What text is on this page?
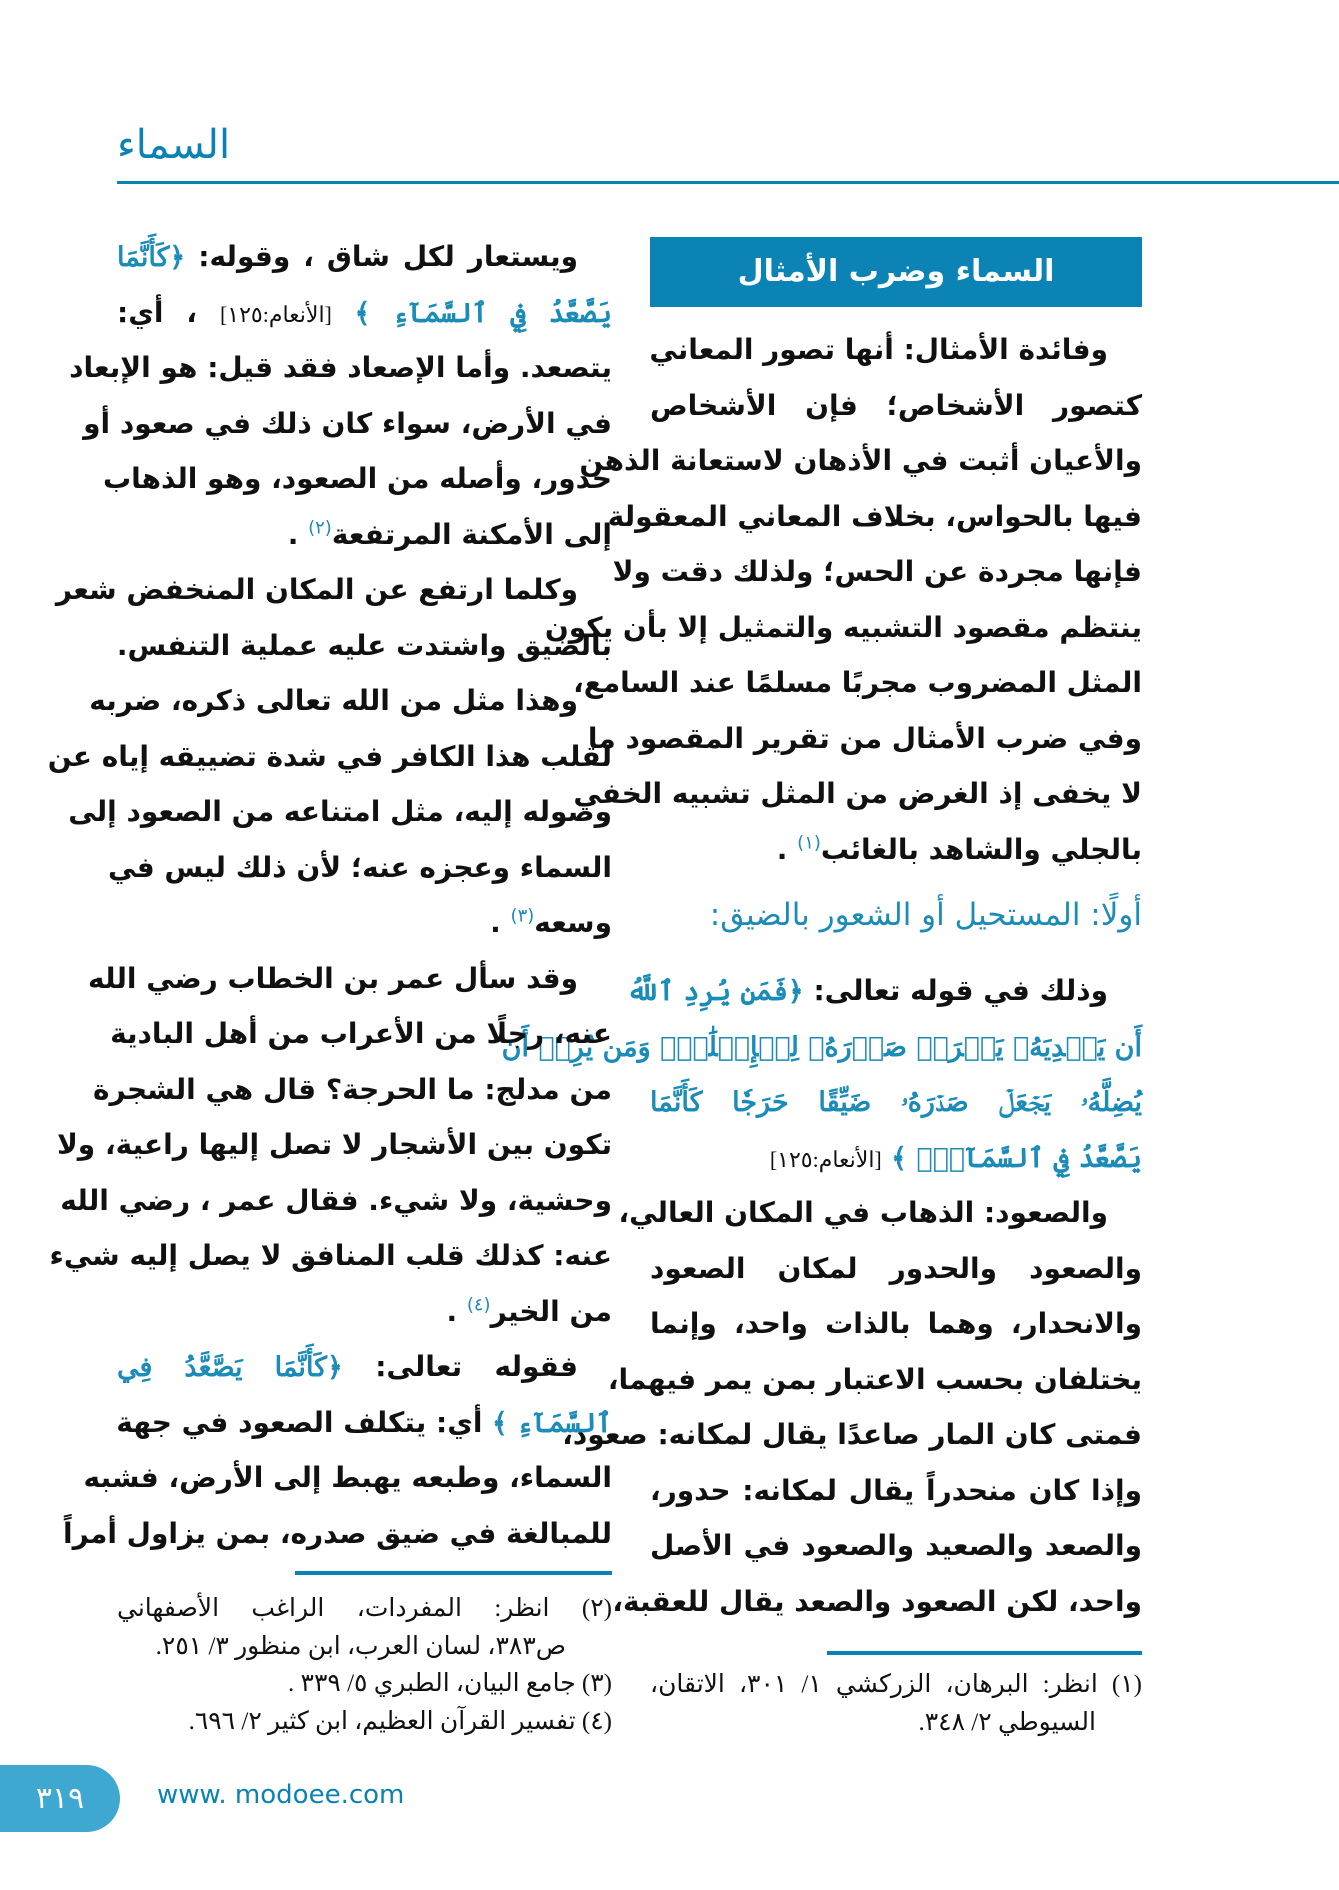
السماء
السماء وضرب الأمثال
وفائدة الأمثال: أنها تصور المعاني
كتصور الأشخاص؛ فإن الأشخاص
والأعيان أثبت في الأذهان لاستعانة الذهن
فيها بالحواس، بخلاف المعاني المعقولة
فإنها مجردة عن الحس؛ ولذلك دقت ولا
ينتظم مقصود التشبيه والتمثيل إلا بأن يكون
المثل المضروب مجربًا مسلمًا عند السامع،
وفي ضرب الأمثال من تقرير المقصود ما
لا يخفى إذ الغرض من المثل تشبيه الخفي
بالجلي والشاهد بالغائب$^{(١)}$ .
أولًا: المستحيل أو الشعور بالضيق:
وذلك في قوله تعالى: ﴿فَمَن يُرِدِ ٱللَّهُ
أَن يَهۡدِيَهُۥ يَشۡرَحۡ صَدۡرَهُۥ لِلۡإِسۡلَٰمِۖ وَمَن يُرِدۡ أَن
يُضِلَّهُۥ يَجۡعَلۡ صَدۡرَهُۥ ضَيِّقًا حَرَجٗا كَأَنَّمَا
يَصَّعَّدُ فِي ٱلسَّمَآءِۚ ﴾ [الأنعام:١٢٥]
والصعود: الذهاب في المكان العالي،
والصعود والحدور لمكان الصعود
والانحدار، وهما بالذات واحد، وإنما
يختلفان بحسب الاعتبار بمن يمر فيهما،
فمتى كان المار صاعدًا يقال لمكانه: صعود،
وإذا كان منحدراً يقال لمكانه: حدور،
والصعد والصعيد والصعود في الأصل
واحد، لكن الصعود والصعد يقال للعقبة،
(١) انظر: البرهان، الزركشي ١/ ٣٠١، الاتقان،
السيوطي ٢/ ٣٤٨.
ويستعار لكل شاق ، وقوله: ﴿كَأَنَّمَا
يَصَّعَّدُ فِي ٱلسَّمَآءِ ﴾ [الأنعام:١٢٥] ، أي:
يتصعد. وأما الإصعاد فقد قيل: هو الإبعاد
في الأرض، سواء كان ذلك في صعود أو
حدور، وأصله من الصعود، وهو الذهاب
إلى الأمكنة المرتفعة$^{(٢)}$ .
وكلما ارتفع عن المكان المنخفض شعر
بالضيق واشتدت عليه عملية التنفس.
وهذا مثل من الله تعالى ذكره، ضربه
لقلب هذا الكافر في شدة تضييقه إياه عن
وصوله إليه، مثل امتناعه من الصعود إلى
السماء وعجزه عنه؛ لأن ذلك ليس في
وسعه$^{(٣)}$ .
وقد سأل عمر بن الخطاب رضي الله
عنه، رجلًا من الأعراب من أهل البادية
من مدلج: ما الحرجة؟ قال هي الشجرة
تكون بين الأشجار لا تصل إليها راعية، ولا
وحشية، ولا شيء. فقال عمر ، رضي الله
عنه: كذلك قلب المنافق لا يصل إليه شيء
من الخير$^{(٤)}$ .
فقوله تعالى: ﴿كَأَنَّمَا يَصَّعَّدُ فِي
ٱلسَّمَآءِ ﴾ أي: يتكلف الصعود في جهة
السماء، وطبعه يهبط إلى الأرض، فشبه
للمبالغة في ضيق صدره، بمن يزاول أمراً
(٢) انظر: المفردات، الراغب الأصفهاني
ص٣٨٣، لسان العرب، ابن منظور ٣/ ٢٥١.
(٣) جامع البيان، الطبري ٥/ ٣٣٩ .
(٤) تفسير القرآن العظيم، ابن كثير ٢/ ٦٩٦.
٣١٩	www. modoee.com
